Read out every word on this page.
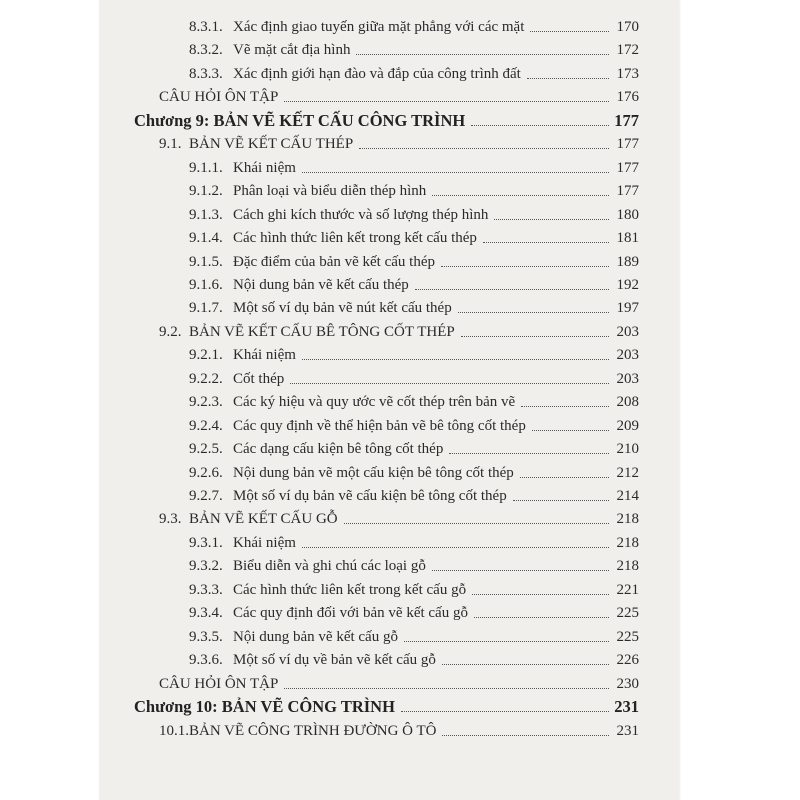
8.3.1. Xác định giao tuyến giữa mặt phẳng với các mặt	170
8.3.2. Vẽ mặt cắt địa hình	172
8.3.3. Xác định giới hạn đào và đắp của công trình đất	173
CÂU HỎI ÔN TẬP	176
Chương 9: BẢN VẼ KẾT CẤU CÔNG TRÌNH	177
9.1. BẢN VẼ KẾT CẤU THÉP	177
9.1.1. Khái niệm	177
9.1.2. Phân loại và biểu diễn thép hình	177
9.1.3. Cách ghi kích thước và số lượng thép hình	180
9.1.4. Các hình thức liên kết trong kết cấu thép	181
9.1.5. Đặc điểm của bản vẽ kết cấu thép	189
9.1.6. Nội dung bản vẽ kết cấu thép	192
9.1.7. Một số ví dụ bản vẽ nút kết cấu thép	197
9.2. BẢN VẼ KẾT CẤU BÊ TÔNG CỐT THÉP	203
9.2.1. Khái niệm	203
9.2.2. Cốt thép	203
9.2.3. Các ký hiệu và quy ước vẽ cốt thép trên bản vẽ	208
9.2.4. Các quy định về thể hiện bản vẽ bê tông cốt thép	209
9.2.5. Các dạng cấu kiện bê tông cốt thép	210
9.2.6. Nội dung bản vẽ một cấu kiện bê tông cốt thép	212
9.2.7. Một số ví dụ bản vẽ cấu kiện bê tông cốt thép	214
9.3. BẢN VẼ KẾT CẤU GỖ	218
9.3.1. Khái niệm	218
9.3.2. Biểu diễn và ghi chú các loại gỗ	218
9.3.3. Các hình thức liên kết trong kết cấu gỗ	221
9.3.4. Các quy định đối với bản vẽ kết cấu gỗ	225
9.3.5. Nội dung bản vẽ kết cấu gỗ	225
9.3.6. Một số ví dụ về bản vẽ kết cấu gỗ	226
CÂU HỎI ÔN TẬP	230
Chương 10: BẢN VẼ CÔNG TRÌNH	231
10.1.BẢN VẼ CÔNG TRÌNH ĐƯỜNG Ô TÔ	231
